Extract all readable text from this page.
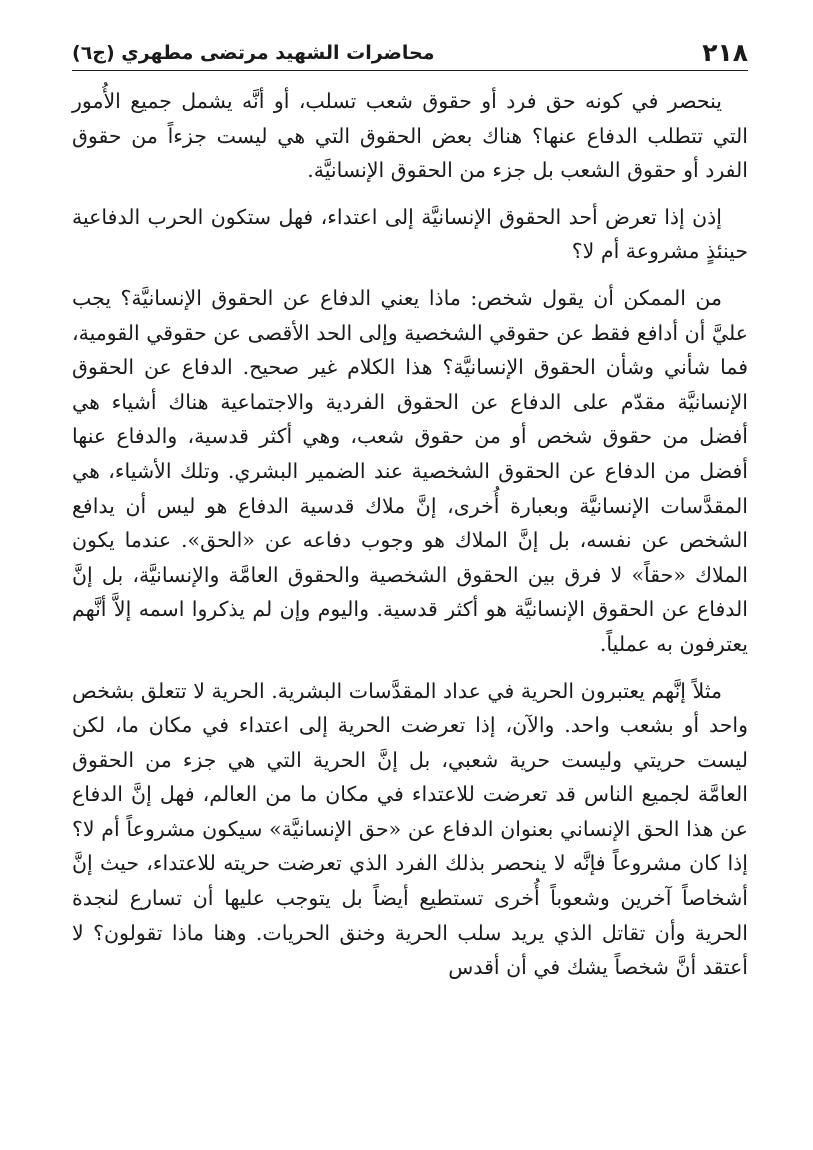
٢١٨
محاضرات الشهيد مرتضى مطهري (ج٦)

ينحصر في كونه حق فرد أو حقوق شعب تسلب، أو أنَّه يشمل جميع الأُمور التي تتطلب الدفاع عنها؟ هناك بعض الحقوق التي هي ليست جزءاً من حقوق الفرد أو حقوق الشعب بل جزء من الحقوق الإنسانيَّة.

إذن إذا تعرض أحد الحقوق الإنسانيَّة إلى اعتداء، فهل ستكون الحرب الدفاعية حينئذٍ مشروعة أم لا؟

من الممكن أن يقول شخص: ماذا يعني الدفاع عن الحقوق الإنسانيَّة؟ يجب عليَّ أن أدافع فقط عن حقوقي الشخصية وإلى الحد الأقصى عن حقوقي القومية، فما شأني وشأن الحقوق الإنسانيَّة؟ هذا الكلام غير صحيح. الدفاع عن الحقوق الإنسانيَّة مقدّم على الدفاع عن الحقوق الفردية والاجتماعية هناك أشياء هي أفضل من حقوق شخص أو من حقوق شعب، وهي أكثر قدسية، والدفاع عنها أفضل من الدفاع عن الحقوق الشخصية عند الضمير البشري. وتلك الأشياء، هي المقدَّسات الإنسانيَّة وبعبارة أُخرى، إنَّ ملاك قدسية الدفاع هو ليس أن يدافع الشخص عن نفسه، بل إنَّ الملاك هو وجوب دفاعه عن «الحق». عندما يكون الملاك «حقاً» لا فرق بين الحقوق الشخصية والحقوق العامَّة والإنسانيَّة، بل إنَّ الدفاع عن الحقوق الإنسانيَّة هو أكثر قدسية. واليوم وإن لم يذكروا اسمه إلاَّ أنَّهم يعترفون به عملياً.

مثلاً إنَّهم يعتبرون الحرية في عداد المقدَّسات البشرية. الحرية لا تتعلق بشخص واحد أو بشعب واحد. والآن، إذا تعرضت الحرية إلى اعتداء في مكان ما، لكن ليست حريتي وليست حرية شعبي، بل إنَّ الحرية التي هي جزء من الحقوق العامَّة لجميع الناس قد تعرضت للاعتداء في مكان ما من العالم، فهل إنَّ الدفاع عن هذا الحق الإنساني بعنوان الدفاع عن «حق الإنسانيَّة» سيكون مشروعاً أم لا؟ إذا كان مشروعاً فإنَّه لا ينحصر بذلك الفرد الذي تعرضت حريته للاعتداء، حيث إنَّ أشخاصاً آخرين وشعوباً أُخرى تستطيع أيضاً بل يتوجب عليها أن تسارع لنجدة الحرية وأن تقاتل الذي يريد سلب الحرية وخنق الحريات. وهنا ماذا تقولون؟ لا أعتقد أنَّ شخصاً يشك في أن أقدس
